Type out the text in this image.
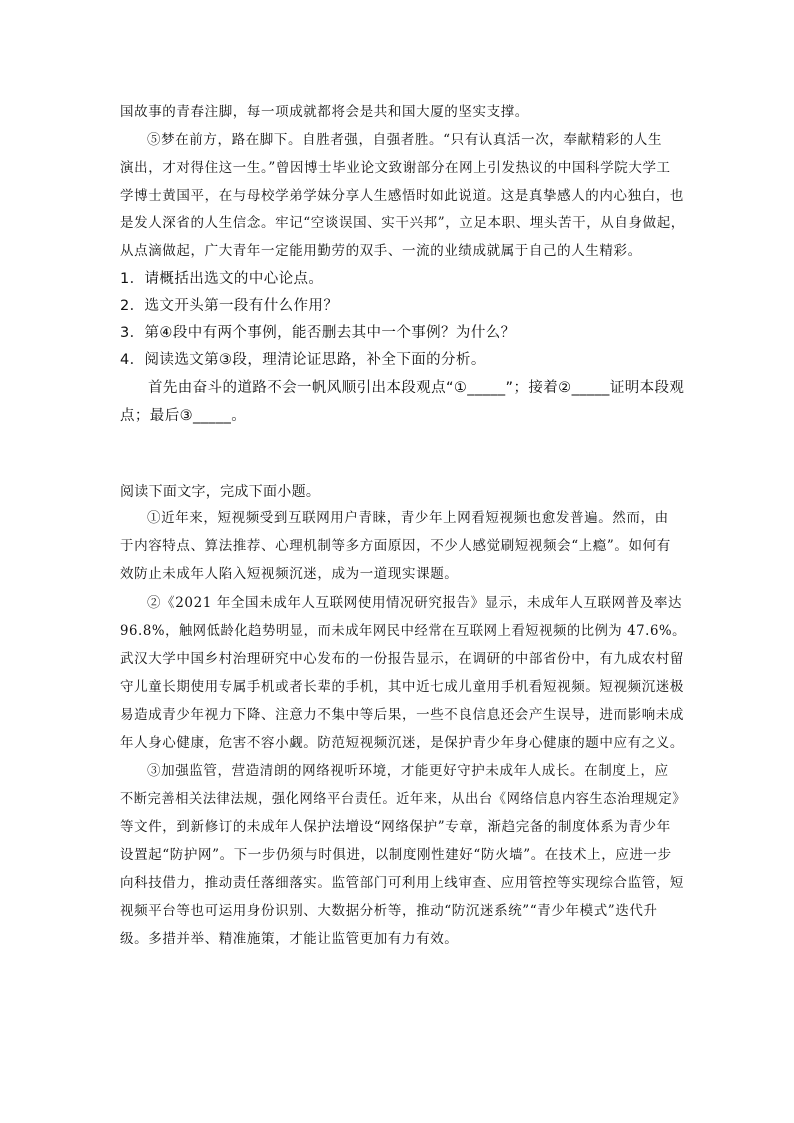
国故事的青春注脚，每一项成就都将会是共和国大厦的坚实支撑。
⑤梦在前方，路在脚下。自胜者强，自强者胜。“只有认真活一次，奉献精彩的人生
演出，才对得住这一生。”曾因博士毕业论文致谢部分在网上引发热议的中国科学院大学工
学博士黄国平，在与母校学弟学妹分享人生感悟时如此说道。这是真挚感人的内心独白，也
是发人深省的人生信念。牢记“空谈误国、实干兴邦”，立足本职、埋头苦干，从自身做起，
从点滴做起，广大青年一定能用勤劳的双手、一流的业绩成就属于自己的人生精彩。
1．请概括出选文的中心论点。
2．选文开头第一段有什么作用？
3．第④段中有两个事例，能否删去其中一个事例？为什么？
4．阅读选文第③段，理清论证思路，补全下面的分析。
首先由奋斗的道路不会一帆风顺引出本段观点“①_____”；接着②_____证明本段观
点；最后③_____。
阅读下面文字，完成下面小题。
①近年来，短视频受到互联网用户青睐，青少年上网看短视频也愈发普遍。然而，由
于内容特点、算法推荐、心理机制等多方面原因，不少人感觉刷短视频会“上瘾”。如何有
效防止未成年人陷入短视频沉迷，成为一道现实课题。
②《2021 年全国未成年人互联网使用情况研究报告》显示，未成年人互联网普及率达
96.8%，触网低龄化趋势明显，而未成年网民中经常在互联网上看短视频的比例为 47.6%。
武汉大学中国乡村治理研究中心发布的一份报告显示，在调研的中部省份中，有九成农村留
守儿童长期使用专属手机或者长辈的手机，其中近七成儿童用手机看短视频。短视频沉迷极
易造成青少年视力下降、注意力不集中等后果，一些不良信息还会产生误导，进而影响未成
年人身心健康，危害不容小觑。防范短视频沉迷，是保护青少年身心健康的题中应有之义。
③加强监管，营造清朗的网络视听环境，才能更好守护未成年人成长。在制度上，应
不断完善相关法律法规，强化网络平台责任。近年来，从出台《网络信息内容生态治理规定》
等文件，到新修订的未成年人保护法增设“网络保护”专章，渐趋完备的制度体系为青少年
设置起“防护网”。下一步仍须与时俱进，以制度刚性建好“防火墙”。在技术上，应进一步
向科技借力，推动责任落细落实。监管部门可利用上线审查、应用管控等实现综合监管，短
视频平台等也可运用身份识别、大数据分析等，推动“防沉迷系统”“青少年模式”迭代升
级。多措并举、精准施策，才能让监管更加有力有效。
